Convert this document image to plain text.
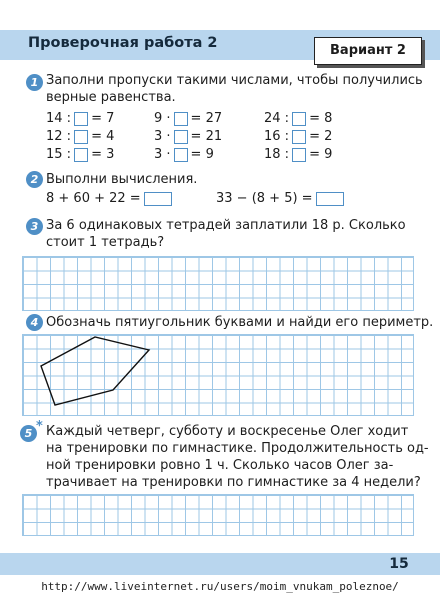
Проверочная работа 2	Вариант 2
1 Заполни пропуски такими числами, чтобы получились
верные равенства.
14 : = 7	9 · = 27	24 : = 8
12 : = 4	3 · = 21	16 : = 2
15 : = 3	3 · = 9	18 : = 9
2 Выполни вычисления.
8 + 60 + 22 =	33 − (8 + 5) =
3 За 6 одинаковых тетрадей заплатили 18 р. Сколько
стоит 1 тетрадь?
4 Обозначь пятиугольник буквами и найди его периметр.
5 * Каждый четверг, субботу и воскресенье Олег ходит
на тренировки по гимнастике. Продолжительность од-
ной тренировки ровно 1 ч. Сколько часов Олег за-
трачивает на тренировки по гимнастике за 4 недели?
15
http://www.liveinternet.ru/users/moim_vnukam_poleznoe/
